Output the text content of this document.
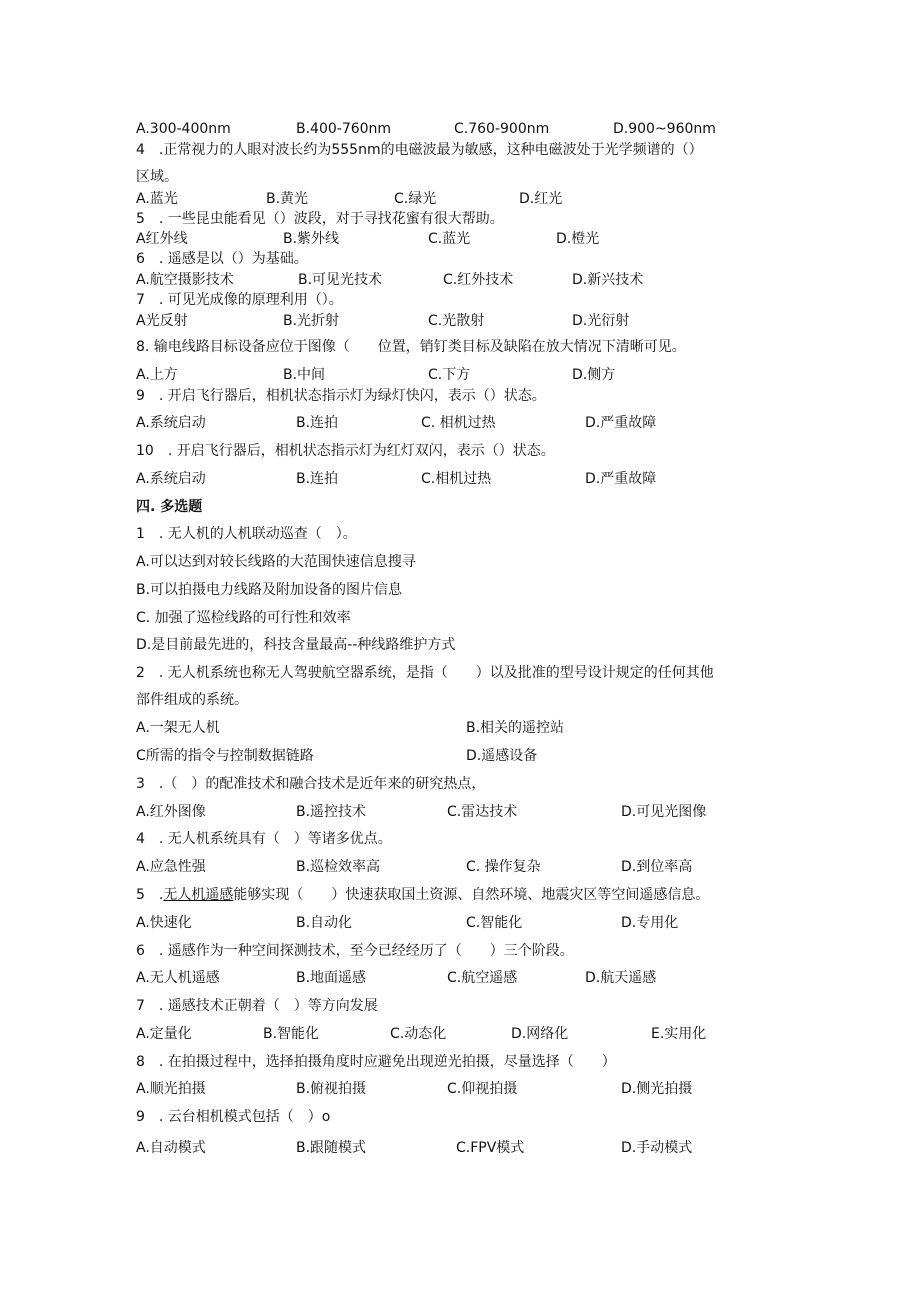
A.300-400nm	B.400-760nm	C.760-900nm	D.900~960nm
4　.正常视力的人眼对波长约为555nm的电磁波最为敏感，这种电磁波处于光学频谱的（）
区域。
A.蓝光	B.黄光	C.绿光	D.红光
5　. 一些昆虫能看见（）波段，对于寻找花蜜有很大帮助。
A红外线	B.紫外线	C.蓝光	D.橙光
6　. 遥感是以（）为基础。
A.航空摄影技术	B.可见光技术	C.红外技术	D.新兴技术
7　. 可见光成像的原理利用（）。
A光反射	B.光折射	C.光散射	D.光衍射
8. 输电线路目标设备应位于图像（　　位置，销钉类目标及缺陷在放大情况下清晰可见。
A.上方	B.中间	C.下方	D.侧方
9　. 开启飞行器后，相机状态指示灯为绿灯快闪，表示（）状态。
A.系统启动	B.连拍	C. 相机过热	D.严重故障
10　. 开启飞行器后，相机状态指示灯为红灯双闪，表示（）状态。
A.系统启动	B.连拍	C.相机过热	D.严重故障
四. 多选题
1　. 无人机的人机联动巡查（　）。
A.可以达到对较长线路的大范围快速信息搜寻
B.可以拍摄电力线路及附加设备的图片信息
C. 加强了巡检线路的可行性和效率
D.是目前最先进的，科技含量最高--种线路维护方式
2　. 无人机系统也称无人驾驶航空器系统，是指（　　）以及批准的型号设计规定的任何其他
部件组成的系统。
A.一架无人机	B.相关的遥控站
C所需的指令与控制数据链路	D.遥感设备
3　.（　）的配准技术和融合技术是近年来的研究热点，
A.红外图像	B.遥控技术	C.雷达技术	D.可见光图像
4　. 无人机系统具有（　）等诸多优点。
A.应急性强	B.巡检效率高	C. 操作复杂	D.到位率高
5　.无人机遥感能够实现（　　）快速获取国土资源、自然环境、地震灾区等空间遥感信息。
A.快速化	B.自动化	C.智能化	D.专用化
6　. 遥感作为一种空间探测技术，至今已经经历了（　　）三个阶段。
A.无人机遥感	B.地面遥感	C.航空遥感	D.航天遥感
7　. 遥感技术正朝着（　）等方向发展
A.定量化	B.智能化	C.动态化	D.网络化	E.实用化
8　. 在拍摄过程中，选择拍摄角度时应避免出现逆光拍摄，尽量选择（　　）
A.顺光拍摄	B.俯视拍摄	C.仰视拍摄	D.侧光拍摄
9　. 云台相机模式包括（　）o
A.自动模式	B.跟随模式	C.FPV模式	D.手动模式
